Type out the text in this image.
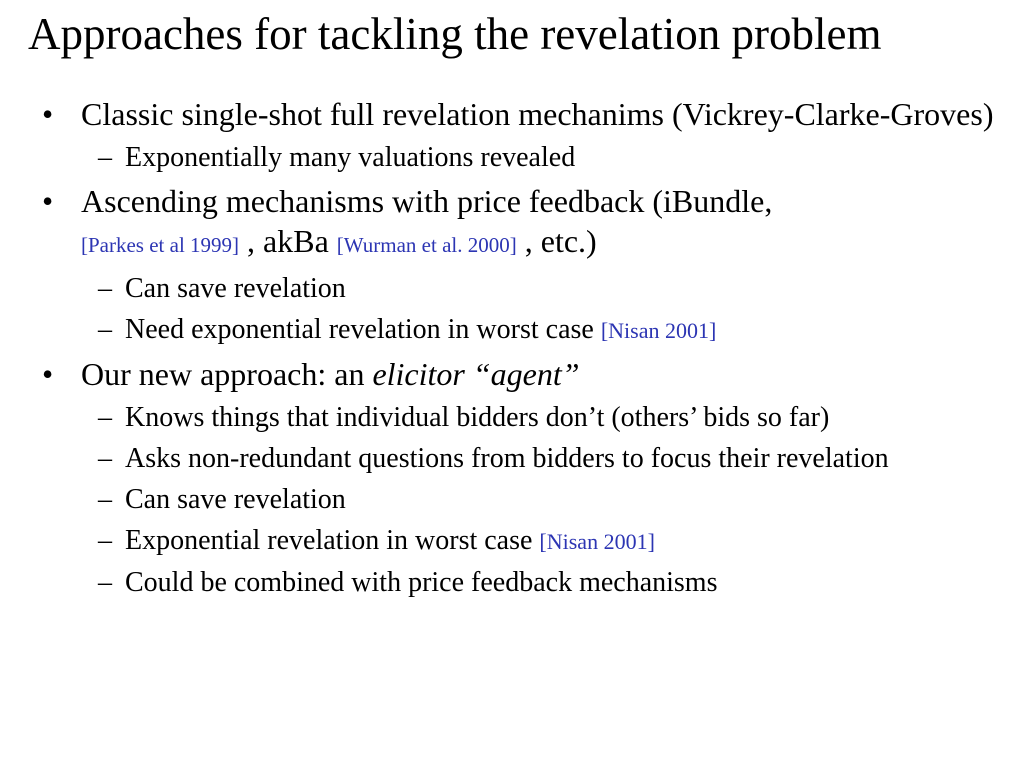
Approaches for tackling the revelation problem
• Classic single-shot full revelation mechanims (Vickrey-Clarke-Groves)
– Exponentially many valuations revealed
• Ascending mechanisms with price feedback (iBundle,
[Parkes et al 1999] , akBa [Wurman et al. 2000] , etc.)
– Can save revelation
– Need exponential revelation in worst case [Nisan 2001]
• Our new approach: an elicitor “agent”
– Knows things that individual bidders don’t (others’ bids so far)
– Asks non-redundant questions from bidders to focus their revelation
– Can save revelation
– Exponential revelation in worst case [Nisan 2001]
– Could be combined with price feedback mechanisms
